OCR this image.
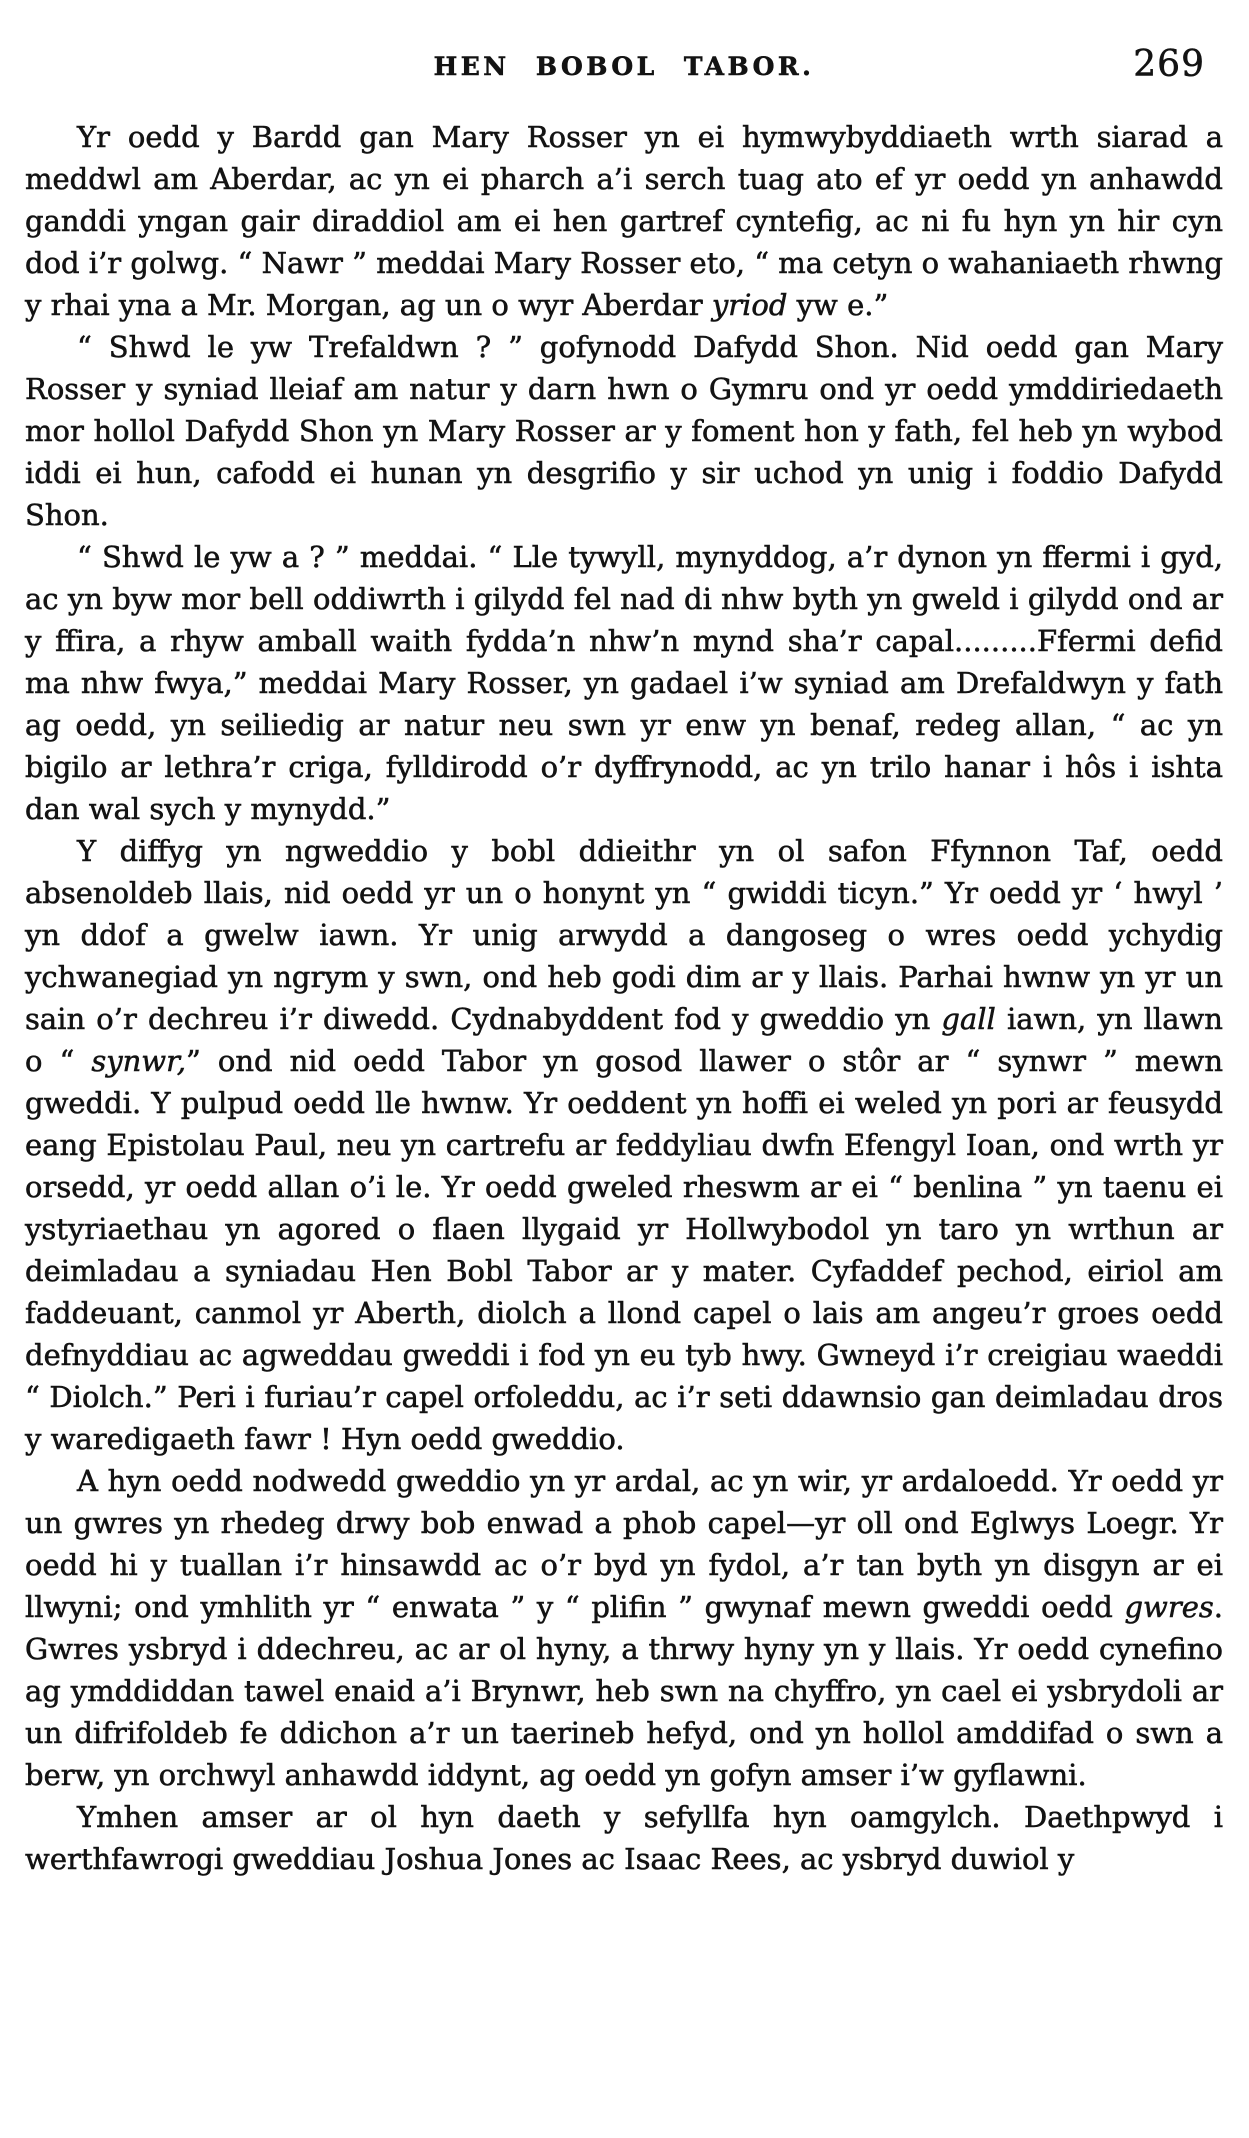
HEN BOBOL TABOR.	269

Yr oedd y Bardd gan Mary Rosser yn ei hymwybyddiaeth wrth siarad a meddwl am Aberdar, ac yn ei pharch a’i serch tuag ato ef yr oedd yn anhawdd ganddi yngan gair diraddiol am ei hen gartref cyntefig, ac ni fu hyn yn hir cyn dod i’r golwg. “ Nawr ” meddai Mary Rosser eto, “ ma cetyn o wahaniaeth rhwng y rhai yna a Mr. Morgan, ag un o wyr Aberdar yriod yw e.”

“ Shwd le yw Trefaldwn ? ” gofynodd Dafydd Shon. Nid oedd gan Mary Rosser y syniad lleiaf am natur y darn hwn o Gymru ond yr oedd ymddiriedaeth mor hollol Dafydd Shon yn Mary Rosser ar y foment hon y fath, fel heb yn wybod iddi ei hun, cafodd ei hunan yn desgrifio y sir uchod yn unig i foddio Dafydd Shon.

“ Shwd le yw a ? ” meddai. “ Lle tywyll, mynyddog, a’r dynon yn ffermi i gyd, ac yn byw mor bell oddiwrth i gilydd fel nad di nhw byth yn gweld i gilydd ond ar y ffira, a rhyw amball waith fydda’n nhw’n mynd sha’r capal.........Ffermi defid ma nhw fwya,” meddai Mary Rosser, yn gadael i’w syniad am Drefaldwyn y fath ag oedd, yn seiliedig ar natur neu swn yr enw yn benaf, redeg allan, “ ac yn bigilo ar lethra’r criga, fylldirodd o’r dyffrynodd, ac yn trilo hanar i hôs i ishta dan wal sych y mynydd.”

Y diffyg yn ngweddio y bobl ddieithr yn ol safon Ffynnon Taf, oedd absenoldeb llais, nid oedd yr un o honynt yn “ gwiddi ticyn.” Yr oedd yr ‘ hwyl ’ yn ddof a gwelw iawn. Yr unig arwydd a dangoseg o wres oedd ychydig ychwanegiad yn ngrym y swn, ond heb godi dim ar y llais. Parhai hwnw yn yr un sain o’r dechreu i’r diwedd. Cydnabyddent fod y gweddio yn gall iawn, yn llawn o “ synwr,” ond nid oedd Tabor yn gosod llawer o stôr ar “ synwr ” mewn gweddi. Y pulpud oedd lle hwnw. Yr oeddent yn hoffi ei weled yn pori ar feusydd eang Epistolau Paul, neu yn cartrefu ar feddyliau dwfn Efengyl Ioan, ond wrth yr orsedd, yr oedd allan o’i le. Yr oedd gweled rheswm ar ei “ benlina ” yn taenu ei ystyriaethau yn agored o flaen llygaid yr Hollwybodol yn taro yn wrthun ar deimladau a syniadau Hen Bobl Tabor ar y mater. Cyfaddef pechod, eiriol am faddeuant, canmol yr Aberth, diolch a llond capel o lais am angeu’r groes oedd defnyddiau ac agweddau gweddi i fod yn eu tyb hwy. Gwneyd i’r creigiau waeddi “ Diolch.” Peri i furiau’r capel orfoleddu, ac i’r seti ddawnsio gan deimladau dros y waredigaeth fawr ! Hyn oedd gweddio.

A hyn oedd nodwedd gweddio yn yr ardal, ac yn wir, yr ardaloedd. Yr oedd yr un gwres yn rhedeg drwy bob enwad a phob capel—yr oll ond Eglwys Loegr. Yr oedd hi y tuallan i’r hinsawdd ac o’r byd yn fydol, a’r tan byth yn disgyn ar ei llwyni; ond ymhlith yr “ enwata ” y “ plifin ” gwynaf mewn gweddi oedd gwres. Gwres ysbryd i ddechreu, ac ar ol hyny, a thrwy hyny yn y llais. Yr oedd cynefino ag ymddiddan tawel enaid a’i Brynwr, heb swn na chyffro, yn cael ei ysbrydoli ar un difrifoldeb fe ddichon a’r un taerineb hefyd, ond yn hollol amddifad o swn a berw, yn orchwyl anhawdd iddynt, ag oedd yn gofyn amser i’w gyflawni.

Ymhen amser ar ol hyn daeth y sefyllfa hyn oamgylch. Daethpwyd i werthfawrogi gweddiau Joshua Jones ac Isaac Rees, ac ysbryd duwiol y
